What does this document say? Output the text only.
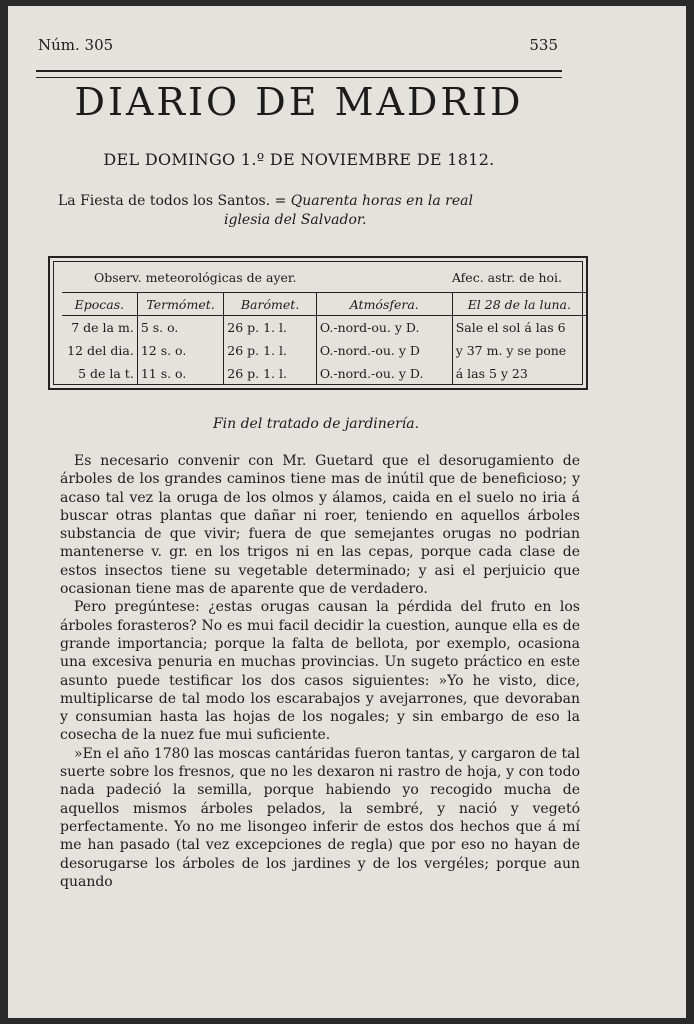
Núm. 305	535
DIARIO DE MADRID
DEL DOMINGO 1.º DE NOVIEMBRE DE 1812.
La Fiesta de todos los Santos. = Quarenta horas en la real
iglesia del Salvador.
Observ. meteorológicas de ayer.	Afec. astr. de hoi.
Epocas.	Termómet.	Barómet.	Atmósfera.	El 28 de la luna.
7 de la m.	5 s. o.	26 p. 1. l.	O.-nord-ou. y D.	Sale el sol á las 6
12 del dia.	12 s. o.	26 p. 1. l.	O.-nord.-ou. y D	y 37 m. y se pone
5 de la t.	11 s. o.	26 p. 1. l.	O.-nord.-ou. y D.	á las 5 y 23
Fin del tratado de jardinería.

Es necesario convenir con Mr. Guetard que el desorugamiento de árboles de los grandes caminos tiene mas de inútil que de beneficioso; y acaso tal vez la oruga de los olmos y álamos, caida en el suelo no iria á buscar otras plantas que dañar ni roer, teniendo en aquellos árboles substancia de que vivir; fuera de que semejantes orugas no podrian mantenerse v. gr. en los trigos ni en las cepas, porque cada clase de estos insectos tiene su vegetable determinado; y asi el perjuicio que ocasionan tiene mas de aparente que de verdadero.

Pero pregúntese: ¿estas orugas causan la pérdida del fruto en los árboles forasteros? No es mui facil decidir la cuestion, aunque ella es de grande importancia; porque la falta de bellota, por exemplo, ocasiona una excesiva penuria en muchas provincias. Un sugeto práctico en este asunto puede testificar los dos casos siguientes: »Yo he visto, dice, multiplicarse de tal modo los escarabajos y avejarrones, que devoraban y consumian hasta las hojas de los nogales; y sin embargo de eso la cosecha de la nuez fue mui suficiente.

»En el año 1780 las moscas cantáridas fueron tantas, y cargaron de tal suerte sobre los fresnos, que no les dexaron ni rastro de hoja, y con todo nada padeció la semilla, porque habiendo yo recogido mucha de aquellos mismos árboles pelados, la sembré, y nació y vegetó perfectamente. Yo no me lisongeo inferir de estos dos hechos que á mí me han pasado (tal vez excepciones de regla) que por eso no hayan de desorugarse los árboles de los jardines y de los vergéles; porque aun quando
